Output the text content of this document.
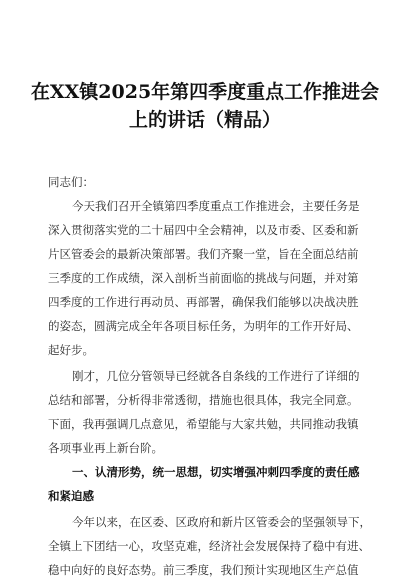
在XX镇2025年第四季度重点工作推进会
上的讲话（精品）

同志们：

今天我们召开全镇第四季度重点工作推进会，主要任务是

深入贯彻落实党的二十届四中全会精神，以及市委、区委和新

片区管委会的最新决策部署。我们齐聚一堂，旨在全面总结前

三季度的工作成绩，深入剖析当前面临的挑战与问题，并对第

四季度的工作进行再动员、再部署，确保我们能够以决战决胜

的姿态，圆满完成全年各项目标任务，为明年的工作开好局、

起好步。

刚才，几位分管领导已经就各自条线的工作进行了详细的

总结和部署，分析得非常透彻，措施也很具体，我完全同意。

下面，我再强调几点意见，希望能与大家共勉，共同推动我镇

各项事业再上新台阶。

一、认清形势，统一思想，切实增强冲刺四季度的责任感

和紧迫感

今年以来，在区委、区政府和新片区管委会的坚强领导下，

全镇上下团结一心，攻坚克难，经济社会发展保持了稳中有进、

稳中向好的良好态势。前三季度，我们预计实现地区生产总值
